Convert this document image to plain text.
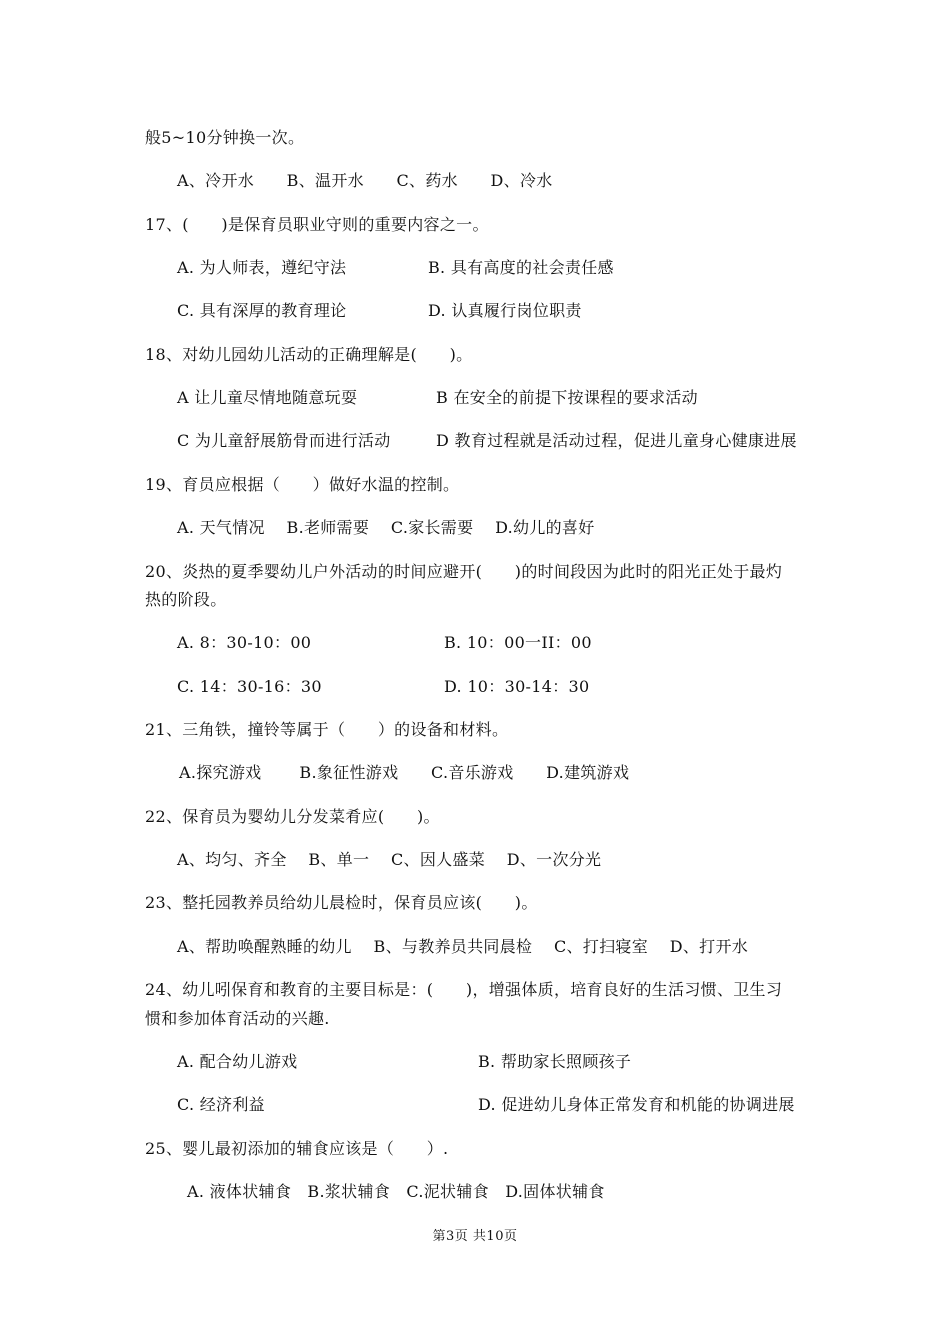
般5~10分钟换一次。
A、冷开水　　B、温开水　　C、药水　　D、冷水
17、(　　)是保育员职业守则的重要内容之一。
A. 为人师表，遵纪守法	B. 具有高度的社会责任感
C. 具有深厚的教育理论	D. 认真履行岗位职责
18、对幼儿园幼儿活动的正确理解是(　　)。
A 让儿童尽情地随意玩耍	B 在安全的前提下按课程的要求活动
C 为儿童舒展筋骨而进行活动	D 教育过程就是活动过程，促进儿童身心健康进展
19、育员应根据（　　）做好水温的控制。
A. 天气情况　 B.老师需要　 C.家长需要　 D.幼儿的喜好
20、炎热的夏季婴幼儿户外活动的时间应避开(　　)的时间段因为此时的阳光正处于最灼
热的阶段。
A. 8：30-10：00	B. 10：00一II：00
C. 14：30-16：30	D. 10：30-14：30
21、三角铁，撞铃等属于（　　）的设备和材料。
A.探究游戏　　 B.象征性游戏　　C.音乐游戏　　D.建筑游戏
22、保育员为婴幼儿分发菜肴应(　　)。
A、均匀、齐全　 B、单一　 C、因人盛菜　 D、一次分光
23、整托园教养员给幼儿晨检时，保育员应该(　　)。
A、帮助唤醒熟睡的幼儿　 B、与教养员共同晨检　 C、打扫寝室　 D、打开水
24、幼儿吲保育和教育的主要目标是：(　　)，增强体质，培育良好的生活习惯、卫生习
惯和参加体育活动的兴趣.
A. 配合幼儿游戏	B. 帮助家长照顾孩子
C. 经济利益	D. 促进幼儿身体正常发育和机能的协调进展
25、婴儿最初添加的辅食应该是（　　）.
A. 液体状辅食　B.浆状辅食　C.泥状辅食　D.固体状辅食
第3页 共10页
